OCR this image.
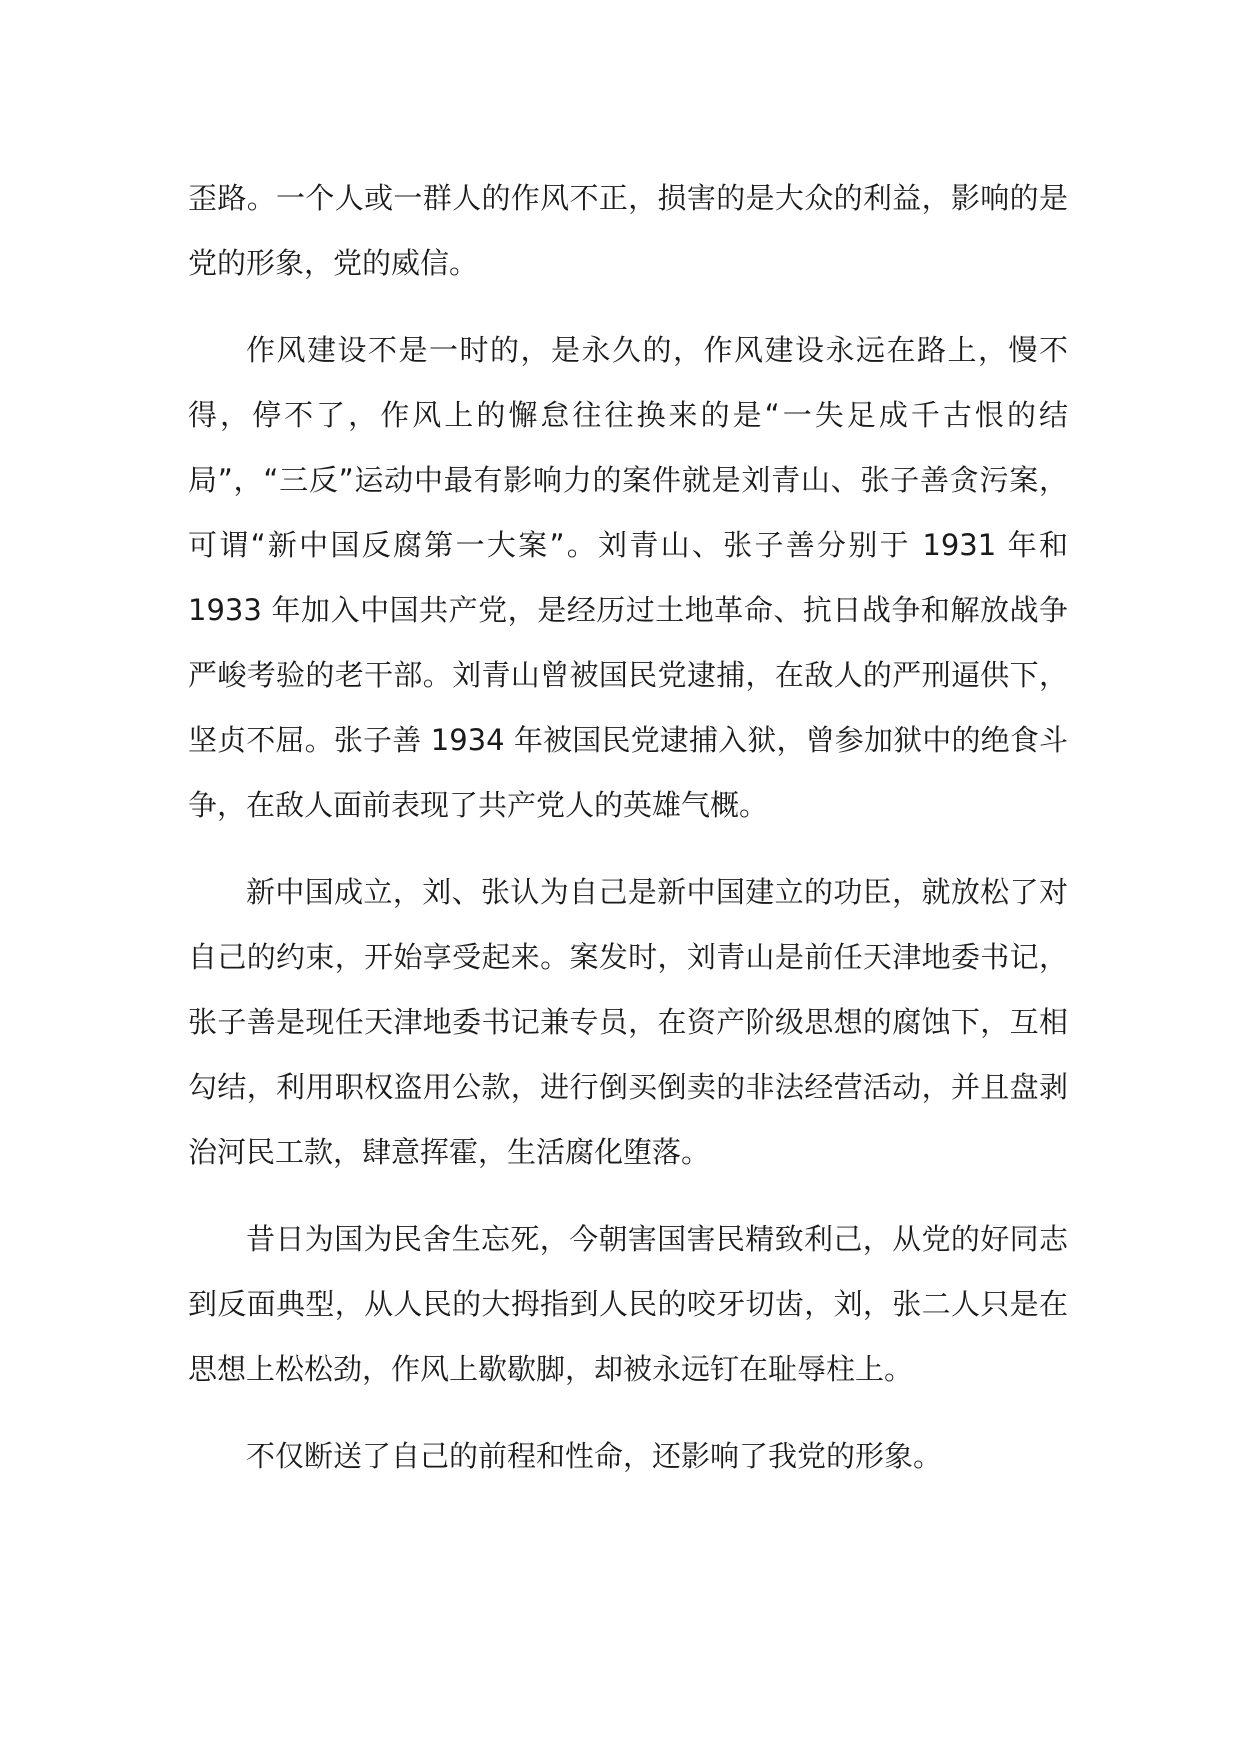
歪路。一个人或一群人的作风不正，损害的是大众的利益，影响的是党的形象，党的威信。

作风建设不是一时的，是永久的，作风建设永远在路上，慢不得，停不了，作风上的懈怠往往换来的是“一失足成千古恨的结局”，“三反”运动中最有影响力的案件就是刘青山、张子善贪污案，可谓“新中国反腐第一大案”。刘青山、张子善分别于 1931 年和 1933 年加入中国共产党，是经历过土地革命、抗日战争和解放战争严峻考验的老干部。刘青山曾被国民党逮捕，在敌人的严刑逼供下，坚贞不屈。张子善 1934 年被国民党逮捕入狱，曾参加狱中的绝食斗争，在敌人面前表现了共产党人的英雄气概。

新中国成立，刘、张认为自己是新中国建立的功臣，就放松了对自己的约束，开始享受起来。案发时，刘青山是前任天津地委书记，张子善是现任天津地委书记兼专员，在资产阶级思想的腐蚀下，互相勾结，利用职权盗用公款，进行倒买倒卖的非法经营活动，并且盘剥治河民工款，肆意挥霍，生活腐化堕落。

昔日为国为民舍生忘死，今朝害国害民精致利己，从党的好同志到反面典型，从人民的大拇指到人民的咬牙切齿，刘，张二人只是在思想上松松劲，作风上歇歇脚，却被永远钉在耻辱柱上。

不仅断送了自己的前程和性命，还影响了我党的形象。
